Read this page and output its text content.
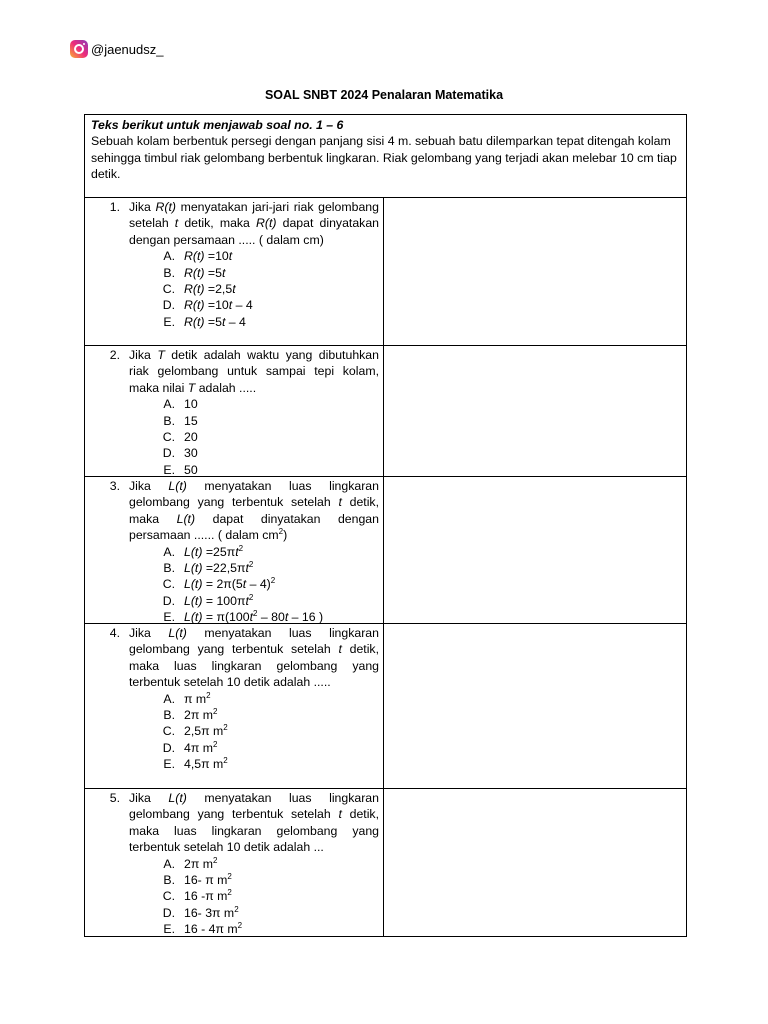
@jaenudsz_
SOAL SNBT 2024 Penalaran Matematika
Teks berikut untuk menjawab soal no. 1 – 6
Sebuah kolam berbentuk persegi dengan panjang sisi 4 m. sebuah batu dilemparkan tepat ditengah kolam sehingga timbul riak gelombang berbentuk lingkaran. Riak gelombang yang terjadi akan melebar 10 cm tiap detik.
1. Jika R(t) menyatakan jari-jari riak gelombang setelah t detik, maka R(t) dapat dinyatakan dengan persamaan ..... ( dalam cm)
A. R(t) =10t
B. R(t) =5t
C. R(t) =2,5t
D. R(t) =10t – 4
E. R(t) =5t – 4
2. Jika T detik adalah waktu yang dibutuhkan riak gelombang untuk sampai tepi kolam, maka nilai T adalah .....
A. 10
B. 15
C. 20
D. 30
E. 50
3. Jika L(t) menyatakan luas lingkaran gelombang yang terbentuk setelah t detik, maka L(t) dapat dinyatakan dengan persamaan ...... ( dalam $cm^2$)
A. $L(t) =25\pi t^2$
B. $L(t) =22,5\pi t^2$
C. L(t) = 2π(5t – 4)$^2$
D. $L(t) = 100\pi t^2$
E. $L(t) = \pi(100t^2 - 80t - 16$ )
4. Jika L(t) menyatakan luas lingkaran gelombang yang terbentuk setelah t detik, maka luas lingkaran gelombang yang terbentuk setelah 10 detik adalah .....
A. π $m^2$
B. 2π $m^2$
C. 2,5π $m^2$
D. 4π $m^2$
E. 4,5π $m^2$
5. Jika L(t) menyatakan luas lingkaran gelombang yang terbentuk setelah t detik, maka luas lingkaran gelombang yang terbentuk setelah 10 detik adalah ...
A. 2π $m^2$
B. 16- π $m^2$
C. 16 -π $m^2$
D. 16- 3π $m^2$
E. 16 - 4π $m^2$
